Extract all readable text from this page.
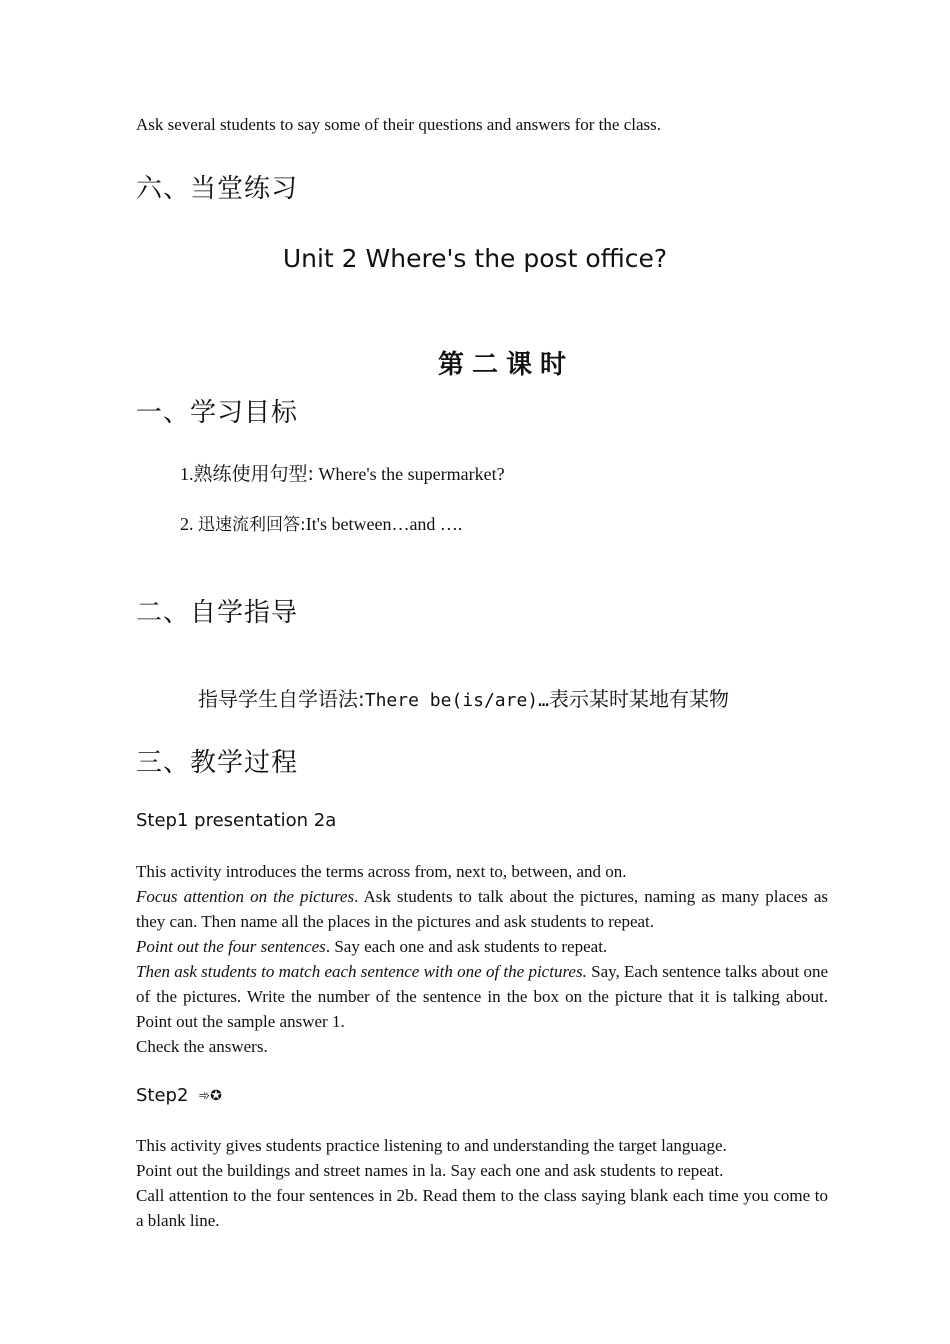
Ask several students to say some of their questions and answers for the class.

六、当堂练习
Unit 2 Where's the post office?
第二课时
一、学习目标
1.熟练使用句型: Where's the supermarket?
2. 迅速流利回答:It's between…and ….
二、自学指导
指导学生自学语法:There be(is/are)…表示某时某地有某物
三、教学过程
Step1 presentation 2a
This activity introduces the terms across from, next to, between, and on.
Focus attention on the pictures. Ask students to talk about the pictures, naming as many places as they can. Then name all the places in the pictures and ask students to repeat.
Point out the four sentences. Say each one and ask students to repeat.
Then ask students to match each sentence with one of the pictures. Say, Each sentence talks about one of the pictures. Write the number of the sentence in the box on the picture that it is talking about. Point out the sample answer 1.
Check the answers.
Step2 ➾✪
This activity gives students practice listening to and understanding the target language.
Point out the buildings and street names in la. Say each one and ask students to repeat.
Call attention to the four sentences in 2b. Read them to the class saying blank each time you come to a blank line.
